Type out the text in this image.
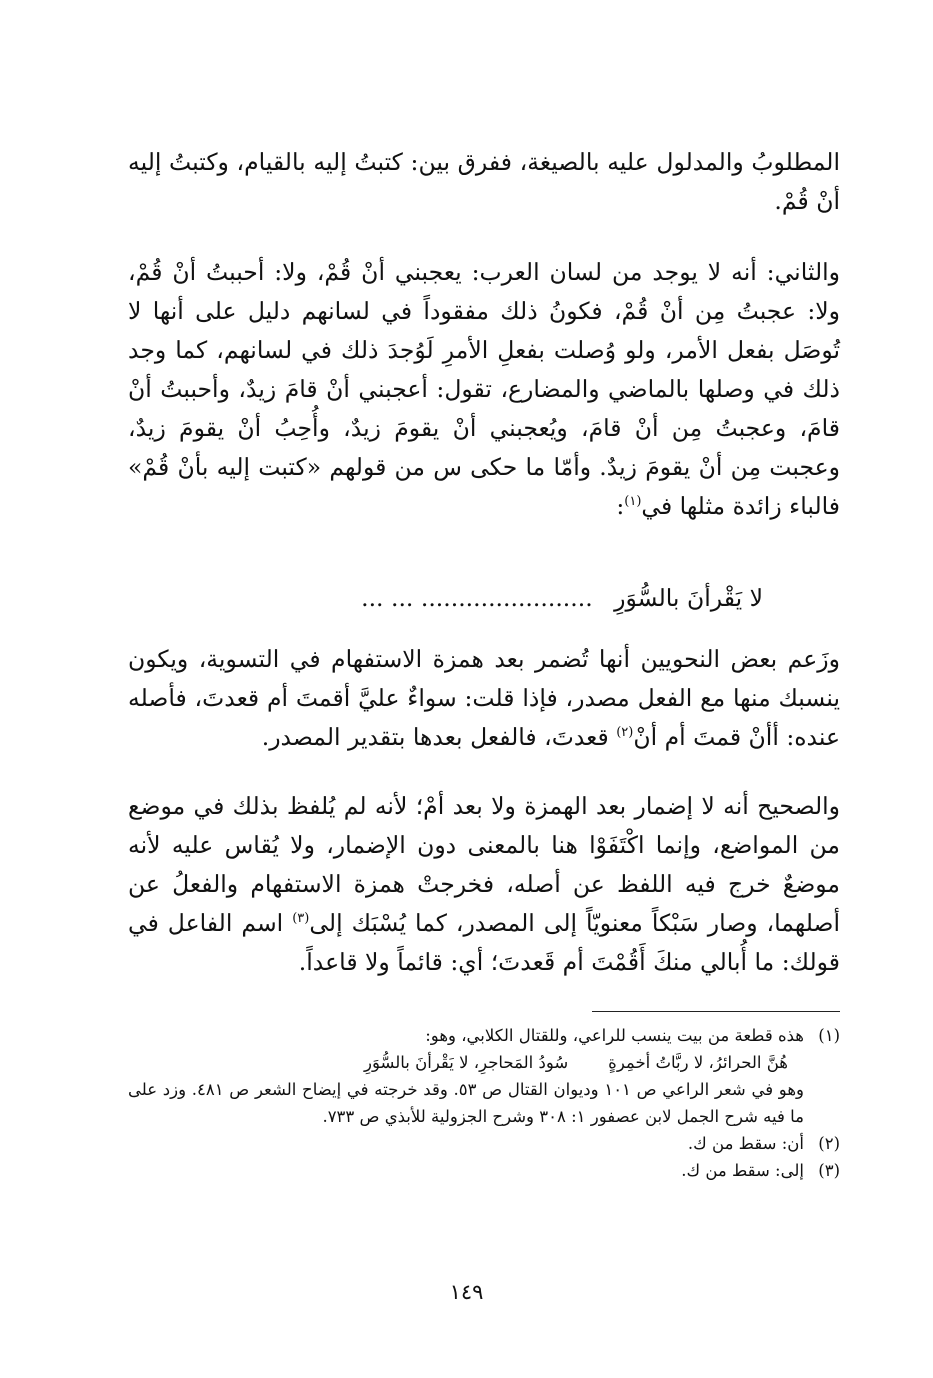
المطلوبُ والمدلول عليه بالصيغة، ففرق بين: كتبتُ إليه بالقيام، وكتبتُ إليه أنْ قُمْ.

والثاني: أنه لا يوجد من لسان العرب: يعجبني أنْ قُمْ، ولا: أحببتُ أنْ قُمْ، ولا: عجبتُ مِن أنْ قُمْ، فكونُ ذلك مفقوداً في لسانهم دليل على أنها لا تُوصَل بفعل الأمر، ولو وُصلت بفعلِ الأمرِ لَوُجدَ ذلك في لسانهم، كما وجد ذلك في وصلها بالماضي والمضارع، تقول: أعجبني أنْ قامَ زيدٌ، وأحببتُ أنْ قامَ، وعجبتُ مِن أنْ قامَ، ويُعجبني أنْ يقومَ زيدٌ، وأُحِبُ أنْ يقومَ زيدٌ، وعجبت مِن أنْ يقومَ زيدٌ. وأمّا ما حكى س من قولهم «كتبت إليه بأنْ قُمْ» فالباء زائدة مثلها في$^{(١)}$:

لا يَقْرأنَ بالسُّوَرِ ....................... ... ...

وزَعم بعض النحويين أنها تُضمر بعد همزة الاستفهام في التسوية، ويكون ينسبك منها مع الفعل مصدر، فإذا قلت: سواءٌ عليَّ أقمتَ أم قعدتَ، فأصله عنده: أأنْ قمتَ أم أنْ$^{(٢)}$ قعدتَ، فالفعل بعدها بتقدير المصدر.

والصحيح أنه لا إضمار بعد الهمزة ولا بعد أمْ؛ لأنه لم يُلفظ بذلك في موضع من المواضع، وإنما اكْتَفَوْا هنا بالمعنى دون الإضمار، ولا يُقاس عليه لأنه موضعٌ خرج فيه اللفظ عن أصله، فخرجتْ همزة الاستفهام والفعلُ عن أصلهما، وصار سَبْكاً معنويّاً إلى المصدر، كما يُسْبَك إلى$^{(٣)}$ اسم الفاعل في قولك: ما أُبالي منكَ أَقُمْتَ أم قَعدتَ؛ أي: قائماً ولا قاعداً.

(١)هذه قطعة من بيت ينسب للراعي، وللقتال الكلابي، وهو:

هُنَّ الحرائرُ، لا ربَّاتُ أخمِرةٍسُودُ المَحاجرِ، لا يَقْرأنَ بالسُّوَرِ

وهو في شعر الراعي ص ١٠١ وديوان القتال ص ٥٣. وقد خرجته في إيضاح الشعر ص ٤٨١. وزد على ما فيه شرح الجمل لابن عصفور ١: ٣٠٨ وشرح الجزولية للأبذي ص ٧٣٣.

(٢)أن: سقط من ك.

(٣)إلى: سقط من ك.

١٤٩
